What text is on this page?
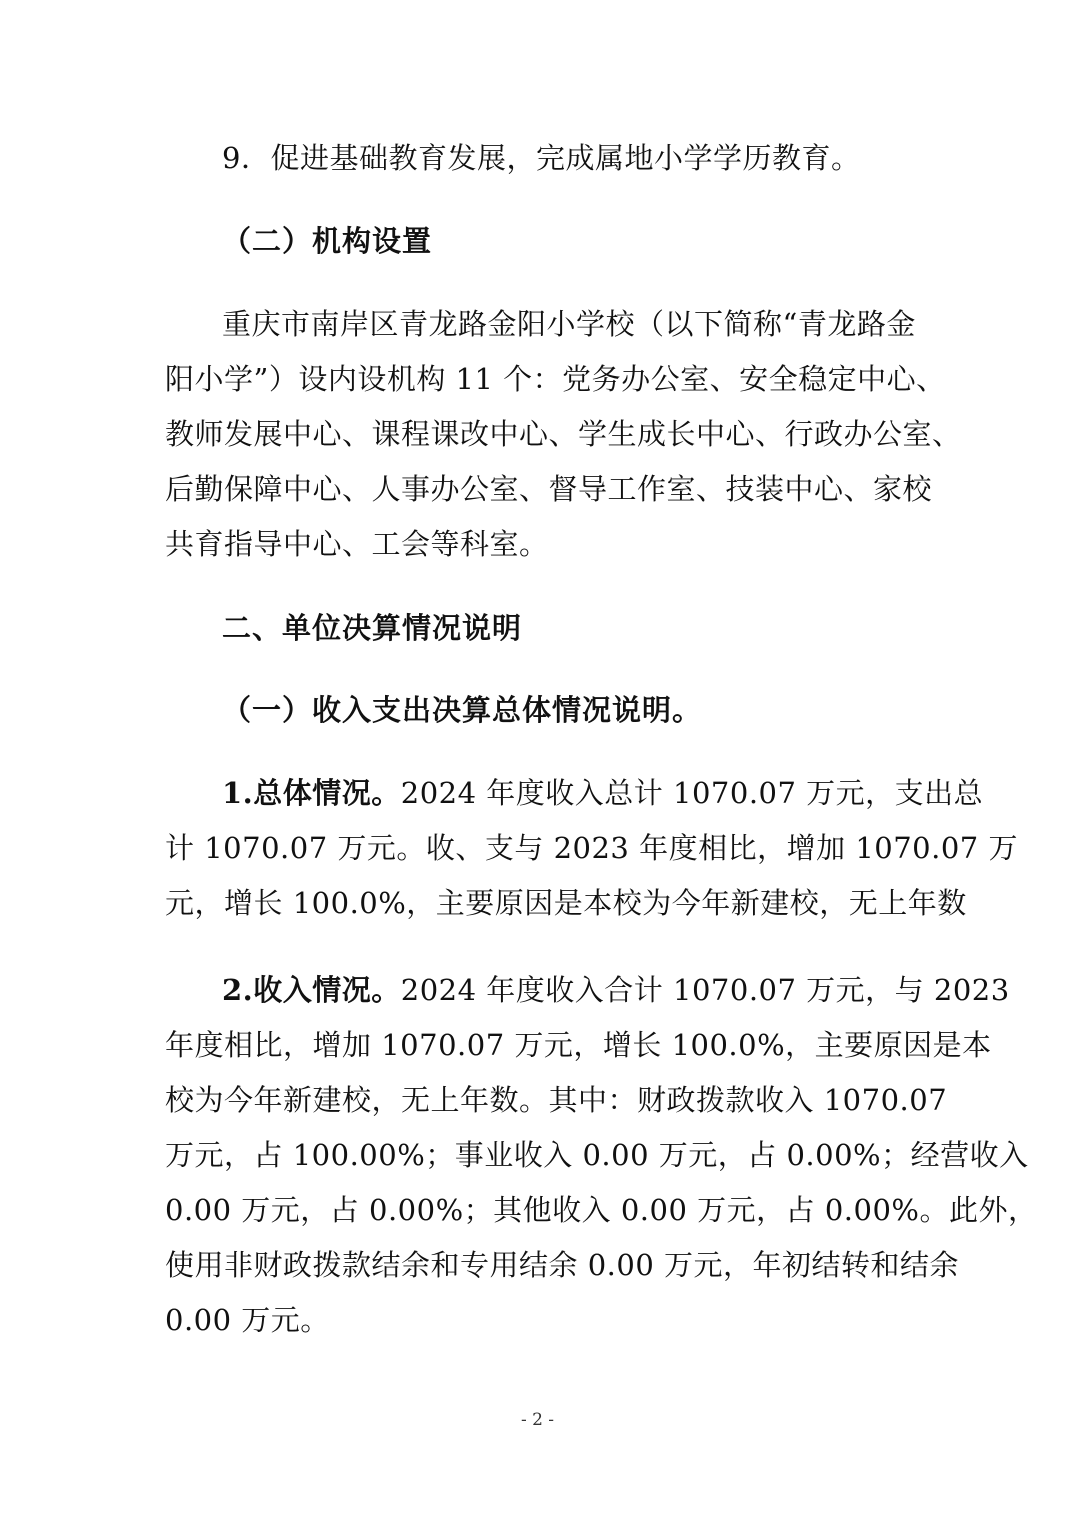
9．促进基础教育发展，完成属地小学学历教育。
（二）机构设置
重庆市南岸区青龙路金阳小学校（以下简称“青龙路金
阳小学”）设内设机构 11 个：党务办公室、安全稳定中心、
教师发展中心、课程课改中心、学生成长中心、行政办公室、
后勤保障中心、人事办公室、督导工作室、技装中心、家校
共育指导中心、工会等科室。
二、单位决算情况说明
（一）收入支出决算总体情况说明。
1.总体情况。2024 年度收入总计 1070.07 万元，支出总
计 1070.07 万元。收、支与 2023 年度相比，增加 1070.07 万
元，增长 100.0%，主要原因是本校为今年新建校，无上年数
2.收入情况。2024 年度收入合计 1070.07 万元，与 2023
年度相比，增加 1070.07 万元，增长 100.0%，主要原因是本
校为今年新建校，无上年数。其中：财政拨款收入 1070.07
万元，占 100.00%；事业收入 0.00 万元，占 0.00%；经营收入
0.00 万元，占 0.00%；其他收入 0.00 万元，占 0.00%。此外，
使用非财政拨款结余和专用结余 0.00 万元，年初结转和结余
0.00 万元。
- 2 -
